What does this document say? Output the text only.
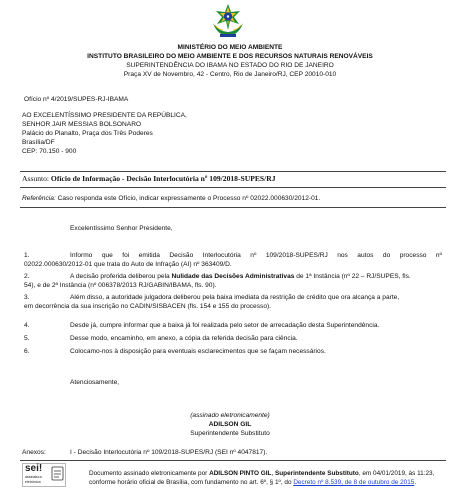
MINISTÉRIO DO MEIO AMBIENTE
INSTITUTO BRASILEIRO DO MEIO AMBIENTE E DOS RECURSOS NATURAIS RENOVÁVEIS
SUPERINTENDÊNCIA DO IBAMA NO ESTADO DO RIO DE JANEIRO
Praça XV de Novembro, 42 - Centro, Rio de Janeiro/RJ, CEP 20010-010
Ofício nº 4/2019/SUPES-RJ-IBAMA
AO EXCELENTÍSSIMO PRESIDENTE DA REPÚBLICA,
SENHOR JAIR MESSIAS BOLSONARO
Palácio do Planalto, Praça dos Três Poderes
Brasília/DF
CEP: 70.150 - 900
Assunto: Ofício de Informação - Decisão Interlocutória nº 109/2018-SUPES/RJ
Referência: Caso responda este Ofício, indicar expressamente o Processo nº 02022.000630/2012-01.
Excelentíssimo Senhor Presidente,
1.	Informo que foi emitida Decisão Interlocutória nº 109/2018-SUPES/RJ nos autos do processo nº
02022.000630/2012-01 que trata do Auto de Infração (AI) nº 363409/D.
2.	A decisão proferida deliberou pela Nulidade das Decisões Administrativas de 1ª Instância (nº 22 – RJ/SUPES, fls.
54), e de 2ª Instância (nº 006378/2013 RJ/GABIN/IBAMA, fls. 90).
3.	Além disso, a autoridade julgadora deliberou pela baixa imediata da restrição de crédito que ora alcança a parte,
em decorrência da sua inscrição no CADIN/SISBACEN (fls. 154 e 155 do processo).
4.	Desde já, cumpre informar que a baixa já foi realizada pelo setor de arrecadação desta Superintendência.
5.	Desse modo, encaminho, em anexo, a cópia da referida decisão para ciência.
6.	Colocamo-nos à disposição para eventuais esclarecimentos que se façam necessários.
Atenciosamente,
(assinado eletronicamente)
ADILSON GIL
Superintendente Substituto
Anexos:	I - Decisão Interlocutória nº 109/2018-SUPES/RJ (SEI nº 4047817).
sei!
assinatura
eletrônica
Documento assinado eletronicamente por ADILSON PINTO GIL, Superintendente Substituto, em 04/01/2019, às 11:23,
conforme horário oficial de Brasília, com fundamento no art. 6º, § 1º, do Decreto nº 8.539, de 8 de outubro de 2015.
